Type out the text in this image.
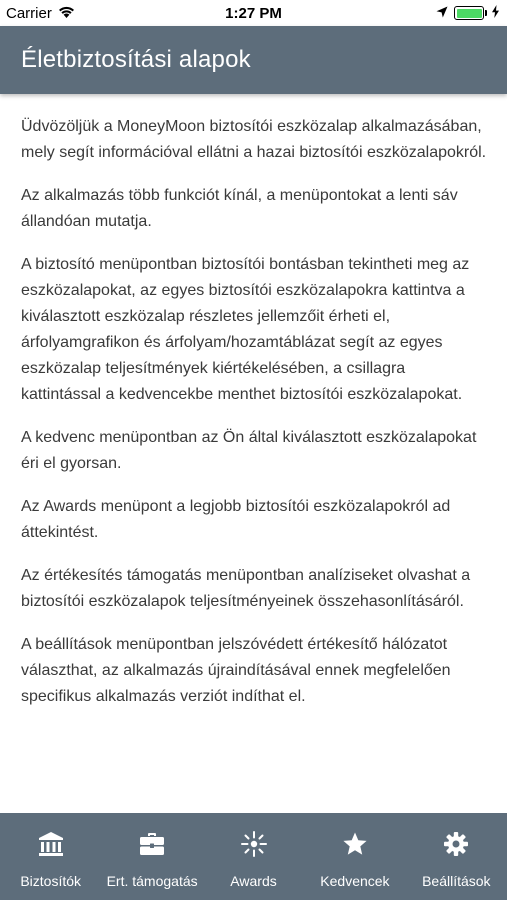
Carrier	1:27 PM
Életbiztosítási alapok

Üdvözöljük a MoneyMoon biztosítói eszközalap alkalmazásában, mely segít információval ellátni a hazai biztosítói eszközalapokról.

Az alkalmazás több funkciót kínál, a menüpontokat a lenti sáv állandóan mutatja.

A biztosító menüpontban biztosítói bontásban tekintheti meg az eszközalapokat, az egyes biztosítói eszközalapokra kattintva a kiválasztott eszközalap részletes jellemzőit érheti el, árfolyamgrafikon és árfolyam/hozamtáblázat segít az egyes eszközalap teljesítmények kiértékelésében, a csillagra kattintással a kedvencekbe menthet biztosítói eszközalapokat.

A kedvenc menüpontban az Ön által kiválasztott eszközalapokat éri el gyorsan.

Az Awards menüpont a legjobb biztosítói eszközalapokról ad áttekintést.

Az értékesítés támogatás menüpontban analíziseket olvashat a biztosítói eszközalapok teljesítményeinek összehasonlításáról.

A beállítások menüpontban jelszóvédett értékesítő hálózatot választhat, az alkalmazás újraindításával ennek megfelelően specifikus alkalmazás verziót indíthat el.

Biztosítók Ert. támogatás Awards	Kedvencek Beállítások
